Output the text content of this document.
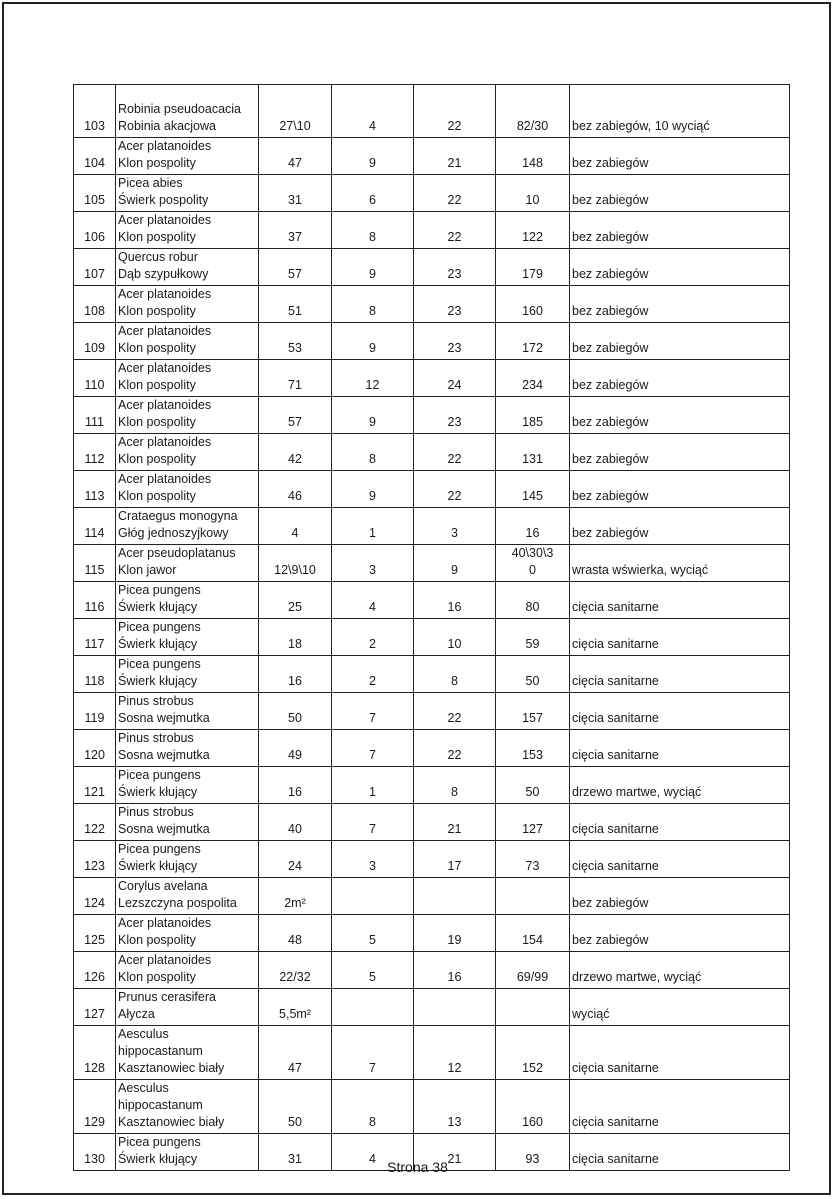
103	Robinia pseudoacacia
Robinia akacjowa	27\10	4	22	82/30	bez zabiegów, 10 wyciąć
104	Acer platanoides
Klon pospolity	47	9	21	148	bez zabiegów
105	Picea abies
Świerk pospolity	31	6	22	10	bez zabiegów
106	Acer platanoides
Klon pospolity	37	8	22	122	bez zabiegów
107	Quercus robur
Dąb szypułkowy	57	9	23	179	bez zabiegów
108	Acer platanoides
Klon pospolity	51	8	23	160	bez zabiegów
109	Acer platanoides
Klon pospolity	53	9	23	172	bez zabiegów
110	Acer platanoides
Klon pospolity	71	12	24	234	bez zabiegów
111	Acer platanoides
Klon pospolity	57	9	23	185	bez zabiegów
112	Acer platanoides
Klon pospolity	42	8	22	131	bez zabiegów
113	Acer platanoides
Klon pospolity	46	9	22	145	bez zabiegów
114	Crataegus monogyna
Głóg jednoszyjkowy	4	1	3	16	bez zabiegów
115	Acer pseudoplatanus
Klon jawor	12\9\10	3	9	40\30\3
0	wrasta wświerka, wyciąć
116	Picea pungens
Świerk kłujący	25	4	16	80	cięcia sanitarne
117	Picea pungens
Świerk kłujący	18	2	10	59	cięcia sanitarne
118	Picea pungens
Świerk kłujący	16	2	8	50	cięcia sanitarne
119	Pinus strobus
Sosna wejmutka	50	7	22	157	cięcia sanitarne
120	Pinus strobus
Sosna wejmutka	49	7	22	153	cięcia sanitarne
121	Picea pungens
Świerk kłujący	16	1	8	50	drzewo martwe, wyciąć
122	Pinus strobus
Sosna wejmutka	40	7	21	127	cięcia sanitarne
123	Picea pungens
Świerk kłujący	24	3	17	73	cięcia sanitarne
124	Corylus avelana
Lezszczyna pospolita	2m²				bez zabiegów
125	Acer platanoides
Klon pospolity	48	5	19	154	bez zabiegów
126	Acer platanoides
Klon pospolity	22/32	5	16	69/99	drzewo martwe, wyciąć
127	Prunus cerasifera
Ałycza	5,5m²				wyciąć
128	Aesculus
hippocastanum
Kasztanowiec biały	47	7	12	152	cięcia sanitarne
129	Aesculus
hippocastanum
Kasztanowiec biały	50	8	13	160	cięcia sanitarne
130	Picea pungens
Świerk kłujący	31	4	21	93	cięcia sanitarne
Strona 38
